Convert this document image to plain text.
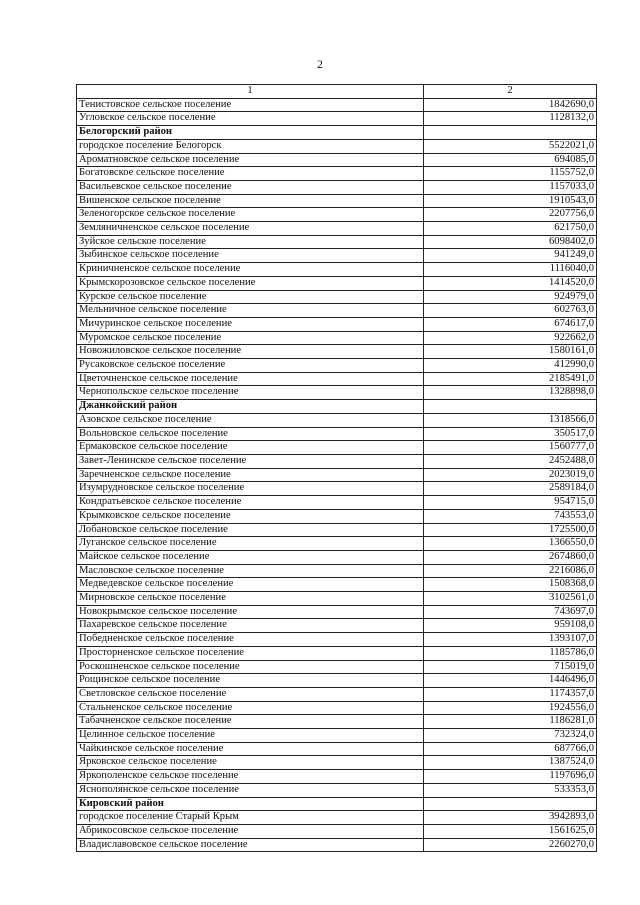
2
1	2
Тенистовское сельское поселение	1842690,0
Угловское сельское поселение	1128132,0
Белогорский район	
городское поселение Белогорск	5522021,0
Ароматновское сельское поселение	694085,0
Богатовское сельское поселение	1155752,0
Васильевское сельское поселение	1157033,0
Вишенское сельское поселение	1910543,0
Зеленогорское сельское поселение	2207756,0
Земляничненское сельское поселение	621750,0
Зуйское сельское поселение	6098402,0
Зыбинское сельское поселение	941249,0
Криничненское сельское поселение	1116040,0
Крымскорозовское сельское поселение	1414520,0
Курское сельское поселение	924979,0
Мельничное сельское поселение	602763,0
Мичуринское сельское поселение	674617,0
Муромское сельское поселение	922662,0
Новожиловское сельское поселение	1580161,0
Русаковское сельское поселение	412990,0
Цветочненское сельское поселение	2185491,0
Чернопольское сельское поселение	1328898,0
Джанкойский район	
Азовское сельское поселение	1318566,0
Вольновское сельское поселение	350517,0
Ермаковское сельское поселение	1560777,0
Завет-Ленинское сельское поселение	2452488,0
Заречненское сельское поселение	2023019,0
Изумрудновское сельское поселение	2589184,0
Кондратьевское сельское поселение	954715,0
Крымковское сельское поселение	743553,0
Лобановское сельское поселение	1725500,0
Луганское сельское поселение	1366550,0
Майское сельское поселение	2674860,0
Масловское сельское поселение	2216086,0
Медведевское сельское поселение	1508368,0
Мирновское сельское поселение	3102561,0
Новокрымское сельское поселение	743697,0
Пахаревское сельское поселение	959108,0
Победненское сельское поселение	1393107,0
Просторненское сельское поселение	1185786,0
Роскошненское сельское поселение	715019,0
Рощинское сельское поселение	1446496,0
Светловское сельское поселение	1174357,0
Стальненское сельское поселение	1924556,0
Табачненское сельское поселение	1186281,0
Целинное сельское поселение	732324,0
Чайкинское сельское поселение	687766,0
Ярковское сельское поселение	1387524,0
Яркополенское сельское поселение	1197696,0
Яснополянское сельское поселение	533353,0
Кировский район	
городское поселение Старый Крым	3942893,0
Абрикосовское сельское поселение	1561625,0
Владиславовское сельское поселение	2260270,0
